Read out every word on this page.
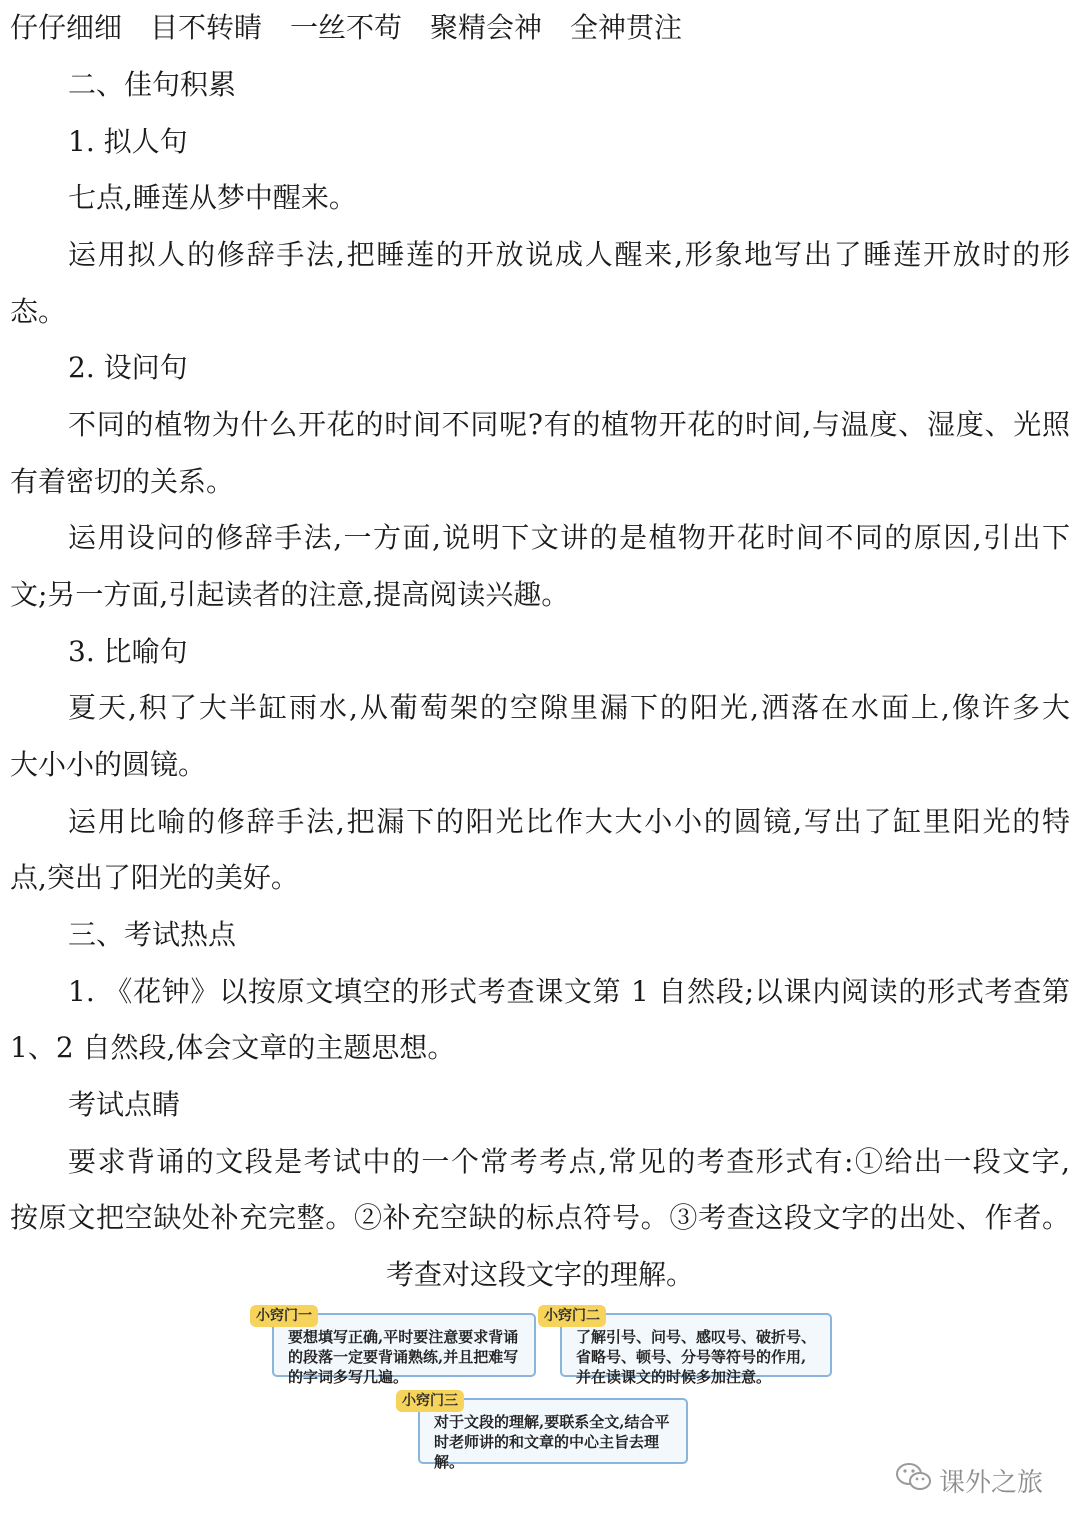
仔仔细细　目不转睛　一丝不苟　聚精会神　全神贯注
二、佳句积累
1. 拟人句
七点,睡莲从梦中醒来。
运用拟人的修辞手法,把睡莲的开放说成人醒来,形象地写出了睡莲开放时的形
态。
2. 设问句
不同的植物为什么开花的时间不同呢?有的植物开花的时间,与温度、湿度、光照
有着密切的关系。
运用设问的修辞手法,一方面,说明下文讲的是植物开花时间不同的原因,引出下
文;另一方面,引起读者的注意,提高阅读兴趣。
3. 比喻句
夏天,积了大半缸雨水,从葡萄架的空隙里漏下的阳光,洒落在水面上,像许多大
大小小的圆镜。
运用比喻的修辞手法,把漏下的阳光比作大大小小的圆镜,写出了缸里阳光的特
点,突出了阳光的美好。
三、考试热点
1. 《花钟》以按原文填空的形式考查课文第 1 自然段;以课内阅读的形式考查第
1、2 自然段,体会文章的主题思想。
考试点睛
要求背诵的文段是考试中的一个常考考点,常见的考查形式有:①给出一段文字,
按原文把空缺处补充完整。②补充空缺的标点符号。③考查这段文字的出处、作者。
考查对这段文字的理解。
小窍门一
要想填写正确,平时要注意要求背诵的段落一定要背诵熟练,并且把难写的字词多写几遍。
小窍门二
了解引号、问号、感叹号、破折号、省略号、顿号、分号等符号的作用,并在读课文的时候多加注意。
小窍门三
对于文段的理解,要联系全文,结合平时老师讲的和文章的中心主旨去理解。
课外之旅
